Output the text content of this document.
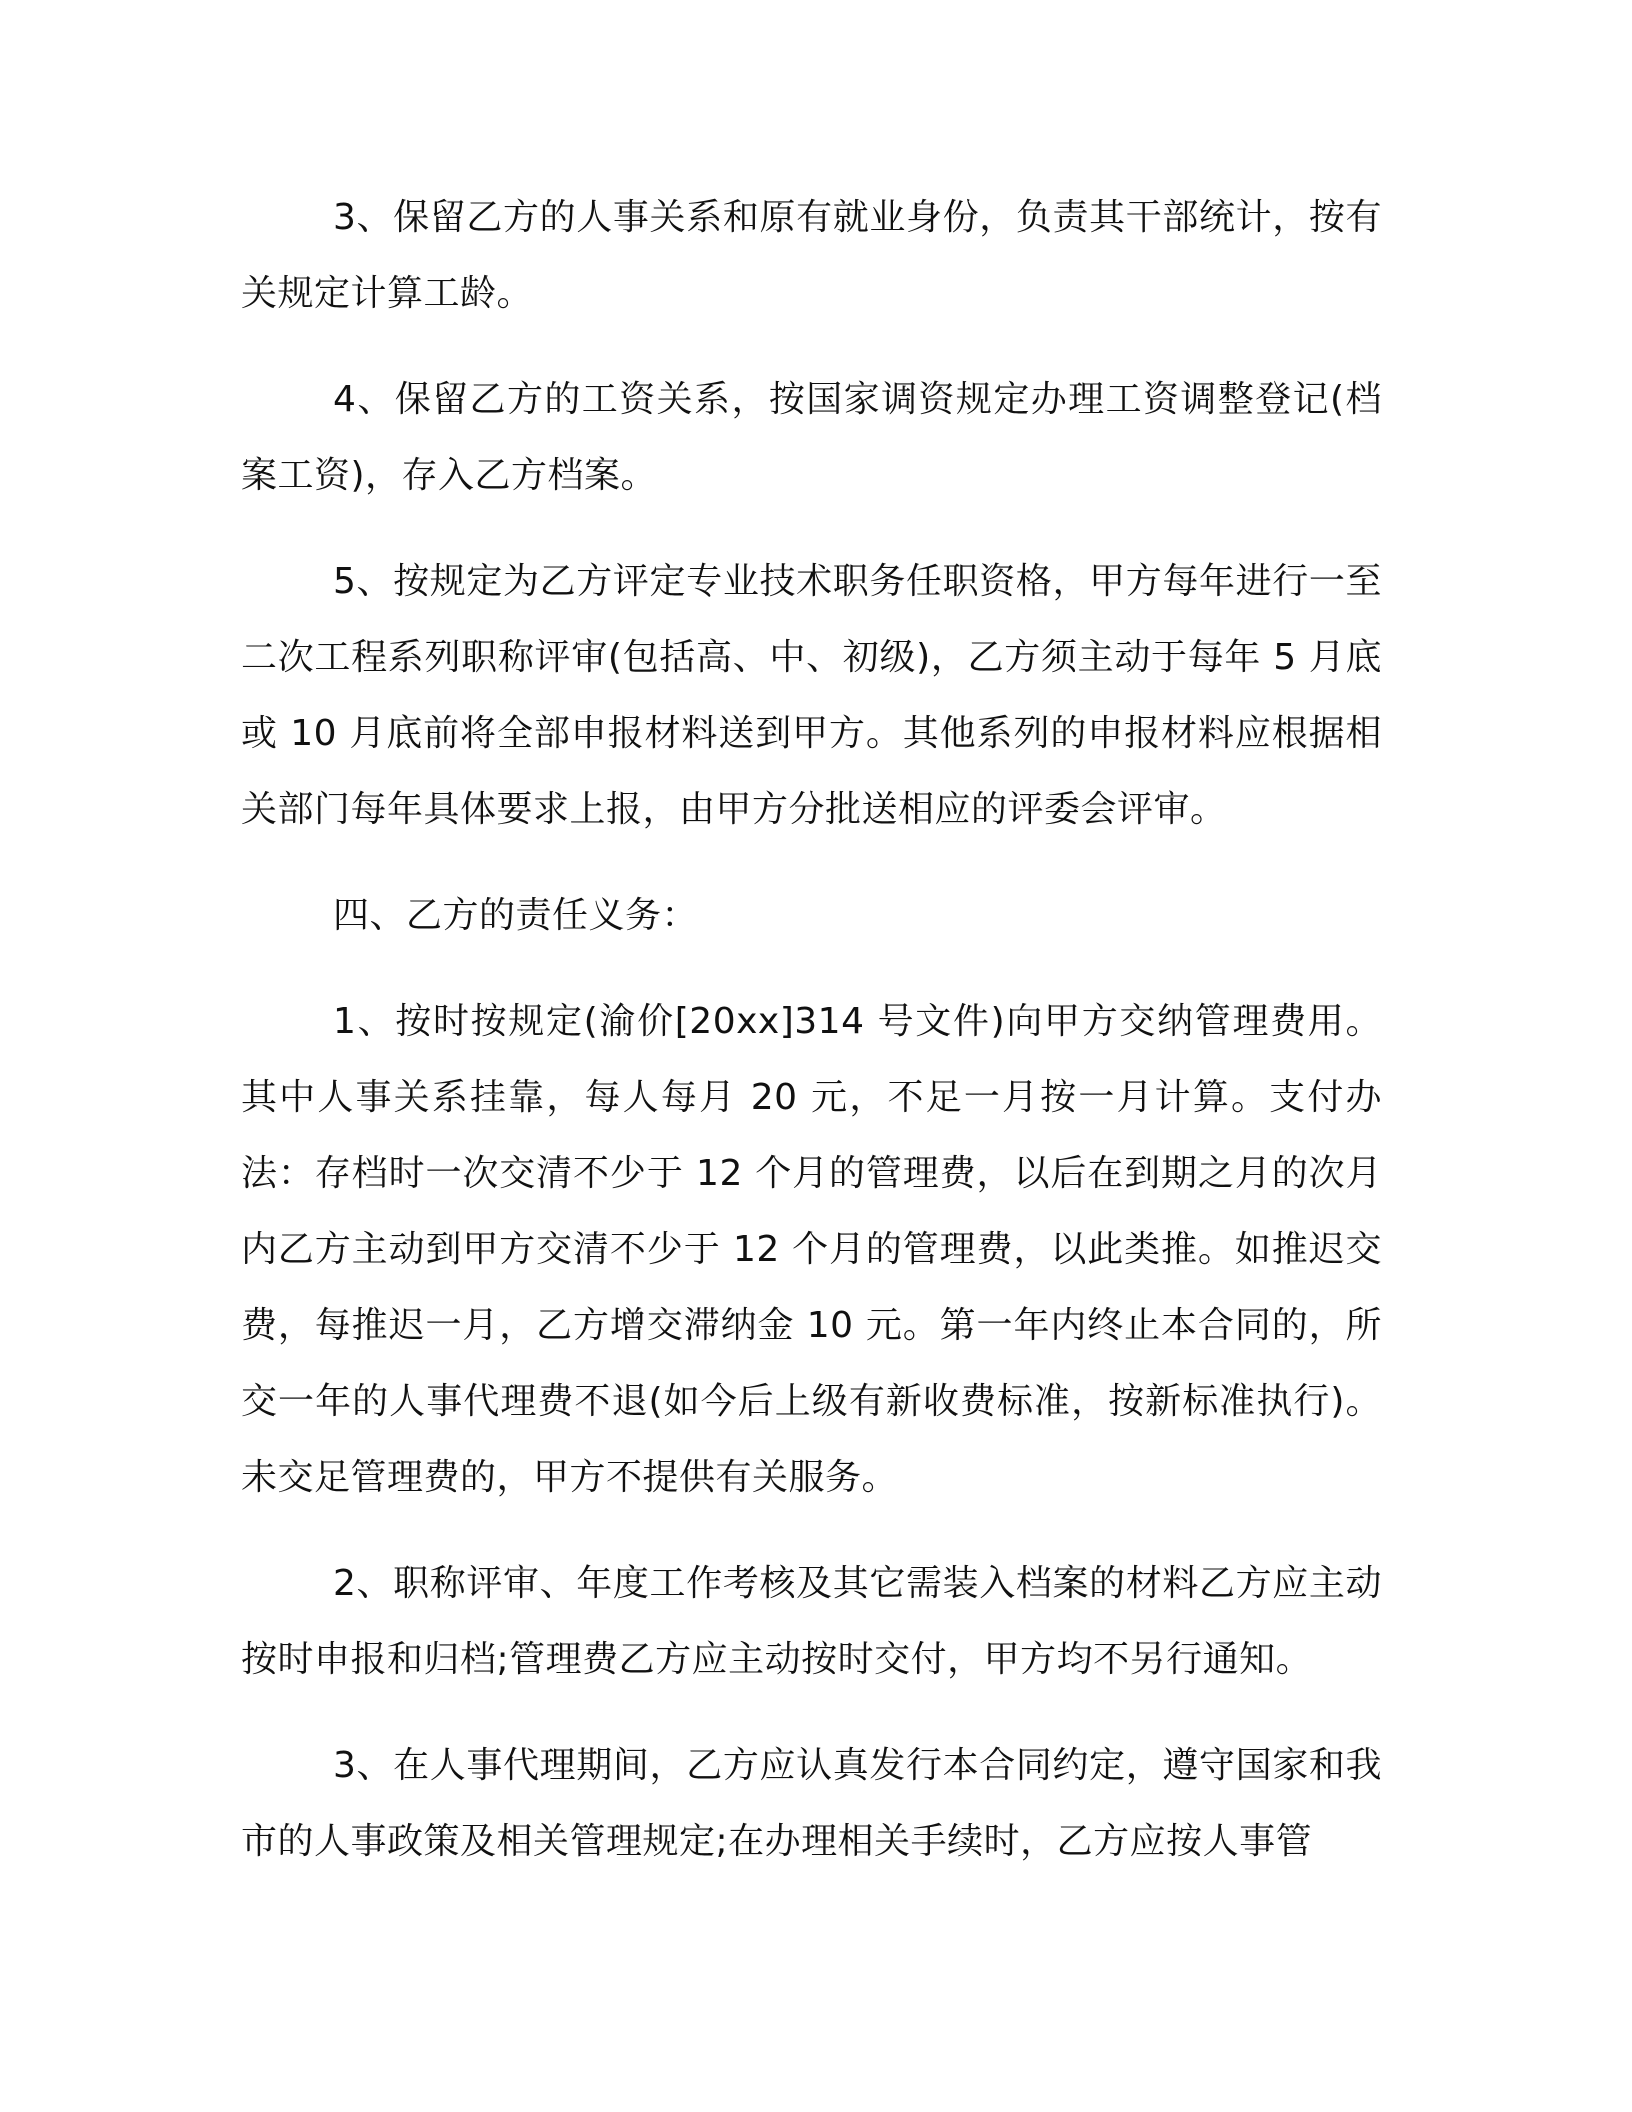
3、保留乙方的人事关系和原有就业身份，负责其干部统计，按有关规定计算工龄。

4、保留乙方的工资关系，按国家调资规定办理工资调整登记(档案工资)，存入乙方档案。

5、按规定为乙方评定专业技术职务任职资格，甲方每年进行一至二次工程系列职称评审(包括高、中、初级)，乙方须主动于每年 5 月底或 10 月底前将全部申报材料送到甲方。其他系列的申报材料应根据相关部门每年具体要求上报，由甲方分批送相应的评委会评审。

四、乙方的责任义务：

1、按时按规定(渝价[20xx]314 号文件)向甲方交纳管理费用。其中人事关系挂靠，每人每月 20 元，不足一月按一月计算。支付办法：存档时一次交清不少于 12 个月的管理费，以后在到期之月的次月内乙方主动到甲方交清不少于 12 个月的管理费，以此类推。如推迟交费，每推迟一月，乙方增交滞纳金 10 元。第一年内终止本合同的，所交一年的人事代理费不退(如今后上级有新收费标准，按新标准执行)。未交足管理费的，甲方不提供有关服务。

2、职称评审、年度工作考核及其它需装入档案的材料乙方应主动按时申报和归档;管理费乙方应主动按时交付，甲方均不另行通知。

3、在人事代理期间，乙方应认真发行本合同约定，遵守国家和我市的人事政策及相关管理规定;在办理相关手续时，乙方应按人事管
